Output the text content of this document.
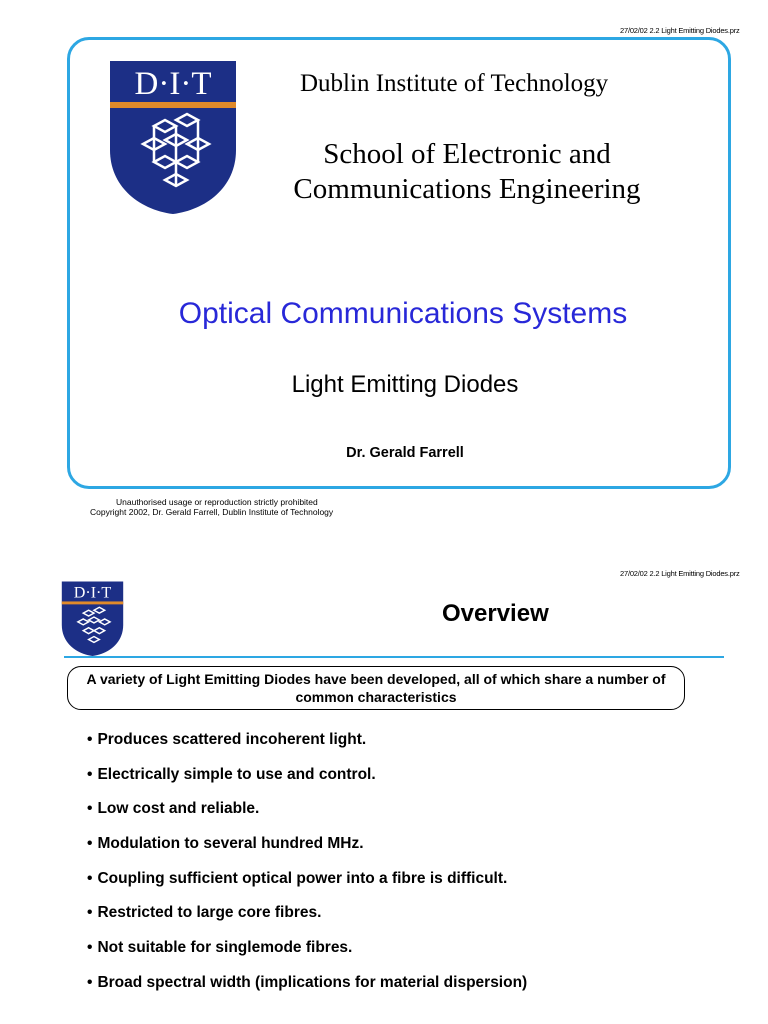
27/02/02 2.2 Light Emitting Diodes.prz
D·I·T	Dublin Institute of Technology
School of Electronic and Communications Engineering
Optical Communications Systems
Light Emitting Diodes
Dr. Gerald Farrell
Unauthorised usage or reproduction strictly prohibited
Copyright 2002, Dr. Gerald Farrell, Dublin Institute of Technology
27/02/02 2.2 Light Emitting Diodes.prz
D·I·T
Overview
A variety of Light Emitting Diodes have been developed, all of which share a number of common characteristics
• Produces scattered incoherent light.
• Electrically simple to use and control.
• Low cost and reliable.
• Modulation to several hundred MHz.
• Coupling sufficient optical power into a fibre is difficult.
• Restricted to large core fibres.
• Not suitable for singlemode fibres.
• Broad spectral width (implications for material dispersion)
